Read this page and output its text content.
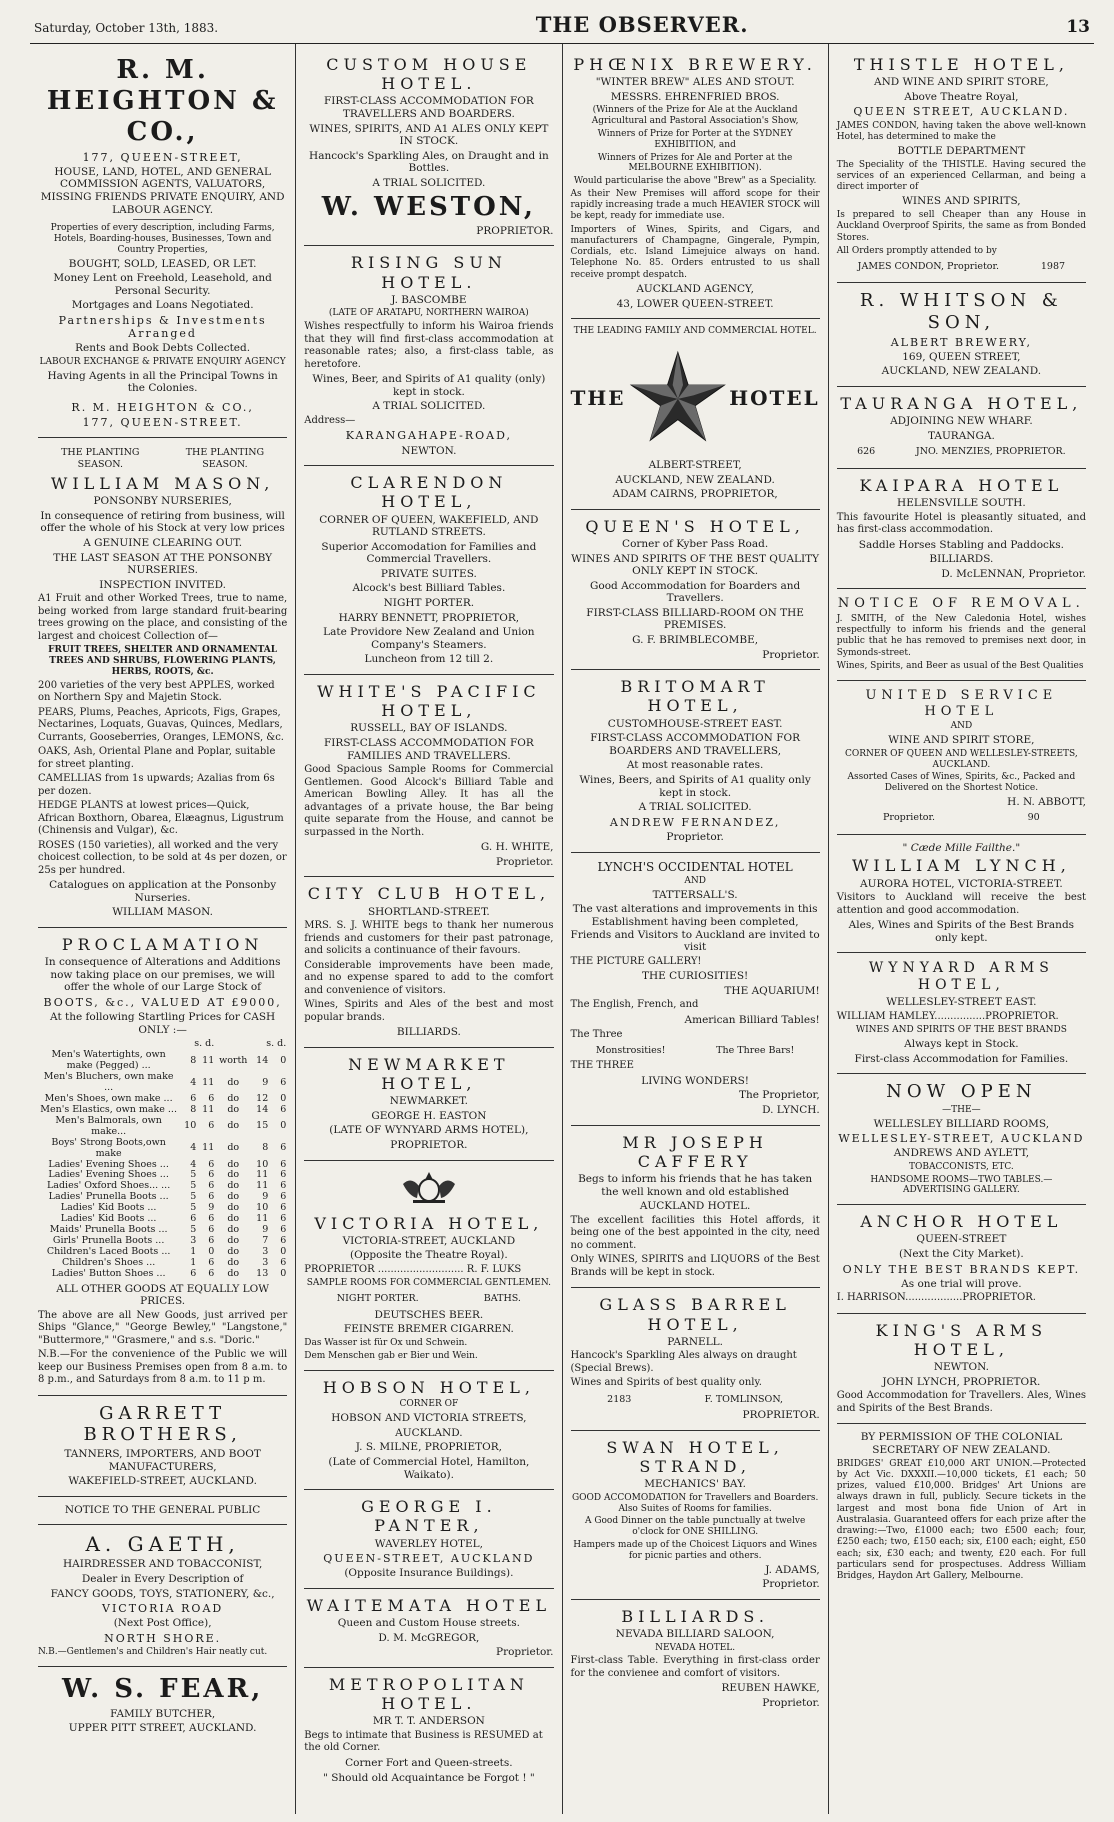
Saturday, October 13th, 1883.	THE OBSERVER.	13
R. M. HEIGHTON & CO.,
177, QUEEN-STREET,
HOUSE, LAND, HOTEL, AND GENERAL COMMISSION AGENTS, VALUATORS, MISSING FRIENDS PRIVATE ENQUIRY, AND LABOUR AGENCY.
Properties of every description, including Farms, Hotels, Boarding-houses, Businesses, Town and Country Properties,
BOUGHT, SOLD, LEASED, OR LET.
Money Lent on Freehold, Leasehold, and Personal Security.
Mortgages and Loans Negotiated.
Partnerships & Investments Arranged
Rents and Book Debts Collected.
LABOUR EXCHANGE & PRIVATE ENQUIRY AGENCY
Having Agents in all the Principal Towns in the Colonies.
R. M. HEIGHTON & CO.,
177, QUEEN-STREET.
THE PLANTING SEASON.
THE PLANTING SEASON.
WILLIAM MASON,
PONSONBY NURSERIES,
In consequence of retiring from business, will offer the whole of his Stock at very low prices
A GENUINE CLEARING OUT.
THE LAST SEASON AT THE PONSONBY NURSERIES.
INSPECTION INVITED.
A1 Fruit and other Worked Trees, true to name, being worked from large standard fruit-bearing trees growing on the place, and consisting of the largest and choicest Collection of—
FRUIT TREES, SHELTER AND ORNAMENTAL TREES AND SHRUBS, FLOWERING PLANTS, HERBS, ROOTS, &c.
200 varieties of the very best APPLES, worked on Northern Spy and Majetin Stock.
PEARS, Plums, Peaches, Apricots, Figs, Grapes, Nectarines, Loquats, Guavas, Quinces, Medlars, Currants, Gooseberries, Oranges, LEMONS, &c.
OAKS, Ash, Oriental Plane and Poplar, suitable for street planting.
CAMELLIAS from 1s upwards; Azalias from 6s per dozen.
HEDGE PLANTS at lowest prices—Quick, African Boxthorn, Obarea, Elæagnus, Ligustrum (Chinensis and Vulgar), &c.
ROSES (150 varieties), all worked and the very choicest collection, to be sold at 4s per dozen, or 25s per hundred.
Catalogues on application at the Ponsonby Nurseries.
WILLIAM MASON.
PROCLAMATION
In consequence of Alterations and Additions now taking place on our premises, we will offer the whole of our Large Stock of
BOOTS, &c., VALUED AT £9000,
At the following Startling Prices for CASH ONLY :—
	s. d.			s. d.	
Men's Watertights, own make (Pegged) ...	8	11	worth	14	0
Men's Bluchers, own make ...	4	11	do	9	6
Men's Shoes, own make ...	6	6	do	12	0
Men's Elastics, own make ...	8	11	do	14	6
Men's Balmorals, own make...	10	6	do	15	0
Boys' Strong Boots,own make	4	11	do	8	6
Ladies' Evening Shoes ...	4	6	do	10	6
Ladies' Evening Shoes ...	5	6	do	11	6
Ladies' Oxford Shoes... ...	5	6	do	11	6
Ladies' Prunella Boots ...	5	6	do	9	6
Ladies' Kid Boots ...	5	9	do	10	6
Ladies' Kid Boots ...	6	6	do	11	6
Maids' Prunella Boots ...	5	6	do	9	6
Girls' Prunella Boots ...	3	6	do	7	6
Children's Laced Boots ...	1	0	do	3	0
Children's Shoes ...	1	6	do	3	6
Ladies' Button Shoes ...	6	6	do	13	0
ALL OTHER GOODS AT EQUALLY LOW PRICES.
The above are all New Goods, just arrived per Ships "Glance," "George Bewley," "Langstone," "Buttermore," "Grasmere," and s.s. "Doric."
N.B.—For the convenience of the Public we will keep our Business Premises open from 8 a.m. to 8 p.m., and Saturdays from 8 a.m. to 11 p m.
GARRETT BROTHERS,
TANNERS, IMPORTERS, AND BOOT MANUFACTURERS,
WAKEFIELD-STREET, AUCKLAND.
NOTICE TO THE GENERAL PUBLIC
A. GAETH,
HAIRDRESSER AND TOBACCONIST,
Dealer in Every Description of
FANCY GOODS, TOYS, STATIONERY, &c.,
VICTORIA ROAD
(Next Post Office),
NORTH SHORE.
N.B.—Gentlemen's and Children's Hair neatly cut.
W. S. FEAR,
FAMILY BUTCHER,
UPPER PITT STREET, AUCKLAND.
CUSTOM HOUSE HOTEL.
FIRST-CLASS ACCOMMODATION FOR TRAVELLERS AND BOARDERS.
WINES, SPIRITS, AND A1 ALES ONLY KEPT IN STOCK.
Hancock's Sparkling Ales, on Draught and in Bottles.
A TRIAL SOLICITED.
W. WESTON,
PROPRIETOR.
RISING SUN HOTEL.
J. BASCOMBE
(LATE OF ARATAPU, NORTHERN WAIROA)
Wishes respectfully to inform his Wairoa friends that they will find first-class accommodation at reasonable rates; also, a first-class table, as heretofore.
Wines, Beer, and Spirits of A1 quality (only) kept in stock.
A TRIAL SOLICITED.
Address—
KARANGAHAPE-ROAD,
NEWTON.
CLARENDON HOTEL,
CORNER OF QUEEN, WAKEFIELD, AND RUTLAND STREETS.
Superior Accomodation for Families and Commercial Travellers.
PRIVATE SUITES.
Alcock's best Billiard Tables.
NIGHT PORTER.
HARRY BENNETT, PROPRIETOR,
Late Providore New Zealand and Union Company's Steamers.
Luncheon from 12 till 2.
WHITE'S PACIFIC HOTEL,
RUSSELL, BAY OF ISLANDS.
FIRST-CLASS ACCOMMODATION FOR FAMILIES AND TRAVELLERS.
Good Spacious Sample Rooms for Commercial Gentlemen. Good Alcock's Billiard Table and American Bowling Alley. It has all the advantages of a private house, the Bar being quite separate from the House, and cannot be surpassed in the North.
G. H. WHITE,
Proprietor.
CITY CLUB HOTEL,
SHORTLAND-STREET.
MRS. S. J. WHITE begs to thank her numerous friends and customers for their past patronage, and solicits a continuance of their favours.
Considerable improvements have been made, and no expense spared to add to the comfort and convenience of visitors.
Wines, Spirits and Ales of the best and most popular brands.
BILLIARDS.
NEWMARKET HOTEL,
NEWMARKET.
GEORGE H. EASTON
(LATE OF WYNYARD ARMS HOTEL),
PROPRIETOR.
VICTORIA HOTEL,
VICTORIA-STREET, AUCKLAND
(Opposite the Theatre Royal).
PROPRIETOR ........................... R. F. LUKS
SAMPLE ROOMS FOR COMMERCIAL GENTLEMEN.
NIGHT PORTER.	BATHS.
DEUTSCHES BEER.
FEINSTE BREMER CIGARREN.
Das Wasser ist für Ox und Schwein.
Dem Menschen gab er Bier und Wein.
HOBSON HOTEL,
CORNER OF
HOBSON AND VICTORIA STREETS,
AUCKLAND.
J. S. MILNE, PROPRIETOR,
(Late of Commercial Hotel, Hamilton, Waikato).
GEORGE I. PANTER,
WAVERLEY HOTEL,
QUEEN-STREET, AUCKLAND
(Opposite Insurance Buildings).
WAITEMATA HOTEL
Queen and Custom House streets.
D. M. McGREGOR,
Proprietor.
METROPOLITAN HOTEL.
MR T. T. ANDERSON
Begs to intimate that Business is RESUMED at the old Corner.
Corner Fort and Queen-streets.
" Should old Acquaintance be Forgot ! "
PHŒNIX BREWERY.
"WINTER BREW" ALES AND STOUT.
MESSRS. EHRENFRIED BROS.
(Winners of the Prize for Ale at the Auckland Agricultural and Pastoral Association's Show,
Winners of Prize for Porter at the SYDNEY EXHIBITION, and
Winners of Prizes for Ale and Porter at the MELBOURNE EXHIBITION).
Would particularise the above "Brew" as a Speciality.
As their New Premises will afford scope for their rapidly increasing trade a much HEAVIER STOCK will be kept, ready for immediate use.
Importers of Wines, Spirits, and Cigars, and manufacturers of Champagne, Gingerale, Pympin, Cordials, etc. Island Limejuice always on hand. Telephone No. 85. Orders entrusted to us shall receive prompt despatch.
AUCKLAND AGENCY,
43, LOWER QUEEN-STREET.
THE LEADING FAMILY AND COMMERCIAL HOTEL.
THE	HOTEL
ALBERT-STREET,
AUCKLAND, NEW ZEALAND.
ADAM CAIRNS, PROPRIETOR,
QUEEN'S HOTEL,
Corner of Kyber Pass Road.
WINES AND SPIRITS OF THE BEST QUALITY ONLY KEPT IN STOCK.
Good Accommodation for Boarders and Travellers.
FIRST-CLASS BILLIARD-ROOM ON THE PREMISES.
G. F. BRIMBLECOMBE,
Proprietor.
BRITOMART HOTEL,
CUSTOMHOUSE-STREET EAST.
FIRST-CLASS ACCOMMODATION FOR BOARDERS AND TRAVELLERS,
At most reasonable rates.
Wines, Beers, and Spirits of A1 quality only kept in stock.
A TRIAL SOLICITED.
ANDREW FERNANDEZ,
Proprietor.
LYNCH'S OCCIDENTAL HOTEL
AND
TATTERSALL'S.
The vast alterations and improvements in this Establishment having been completed, Friends and Visitors to Auckland are invited to visit
THE PICTURE GALLERY!
THE CURIOSITIES!
THE AQUARIUM!
The English, French, and
American Billiard Tables!
The Three
Monstrosities!	The Three Bars!
THE THREE
LIVING WONDERS!
The Proprietor,
D. LYNCH.
MR JOSEPH CAFFERY
Begs to inform his friends that he has taken the well known and old established
AUCKLAND HOTEL.
The excellent facilities this Hotel affords, it being one of the best appointed in the city, need no comment.
Only WINES, SPIRITS and LIQUORS of the Best Brands will be kept in stock.
GLASS BARREL HOTEL,
PARNELL.
Hancock's Sparkling Ales always on draught (Special Brews).
Wines and Spirits of best quality only.
2183	F. TOMLINSON,
PROPRIETOR.
SWAN HOTEL, STRAND,
MECHANICS' BAY.
GOOD ACCOMODATION for Travellers and Boarders. Also Suites of Rooms for families.
A Good Dinner on the table punctually at twelve o'clock for ONE SHILLING.
Hampers made up of the Choicest Liquors and Wines for picnic parties and others.
J. ADAMS,
Proprietor.
BILLIARDS.
NEVADA BILLIARD SALOON,
NEVADA HOTEL.
First-class Table. Everything in first-class order for the convienee and comfort of visitors.
REUBEN HAWKE,
Proprietor.
THISTLE HOTEL,
AND WINE AND SPIRIT STORE,
Above Theatre Royal,
QUEEN STREET, AUCKLAND.
JAMES CONDON, having taken the above well-known Hotel, has determined to make the
BOTTLE DEPARTMENT
The Speciality of the THISTLE. Having secured the services of an experienced Cellarman, and being a direct importer of
WINES AND SPIRITS,
Is prepared to sell Cheaper than any House in Auckland Overproof Spirits, the same as from Bonded Stores.
All Orders promptly attended to by
JAMES CONDON, Proprietor.	1987
R. WHITSON & SON,
ALBERT BREWERY,
169, QUEEN STREET,
AUCKLAND, NEW ZEALAND.
TAURANGA HOTEL,
ADJOINING NEW WHARF.
TAURANGA.
626	JNO. MENZIES, PROPRIETOR.
KAIPARA HOTEL
HELENSVILLE SOUTH.
This favourite Hotel is pleasantly situated, and has first-class accommodation.
Saddle Horses Stabling and Paddocks.
BILLIARDS.
D. McLENNAN, Proprietor.
NOTICE OF REMOVAL.
J. SMITH, of the New Caledonia Hotel, wishes respectfully to inform his friends and the general public that he has removed to premises next door, in Symonds-street.
Wines, Spirits, and Beer as usual of the Best Qualities
UNITED SERVICE HOTEL
AND
WINE AND SPIRIT STORE,
CORNER OF QUEEN AND WELLESLEY-STREETS, AUCKLAND.
Assorted Cases of Wines, Spirits, &c., Packed and Delivered on the Shortest Notice.
H. N. ABBOTT,
Proprietor.	90
" Cæde Mille Failthe."
WILLIAM LYNCH,
AURORA HOTEL, VICTORIA-STREET.
Visitors to Auckland will receive the best attention and good accommodation.
Ales, Wines and Spirits of the Best Brands only kept.
WYNYARD ARMS HOTEL,
WELLESLEY-STREET EAST.
WILLIAM HAMLEY................PROPRIETOR.
WINES AND SPIRITS OF THE BEST BRANDS
Always kept in Stock.
First-class Accommodation for Families.
NOW OPEN
—THE—
WELLESLEY BILLIARD ROOMS,
WELLESLEY-STREET, AUCKLAND
ANDREWS AND AYLETT,
TOBACCONISTS, ETC.
HANDSOME ROOMS—TWO TABLES.—ADVERTISING GALLERY.
ANCHOR HOTEL
QUEEN-STREET
(Next the City Market).
ONLY THE BEST BRANDS KEPT.
As one trial will prove.
I. HARRISON..................PROPRIETOR.
KING'S ARMS HOTEL,
NEWTON.
JOHN LYNCH, PROPRIETOR.
Good Accommodation for Travellers. Ales, Wines and Spirits of the Best Brands.
BY PERMISSION OF THE COLONIAL SECRETARY OF NEW ZEALAND.
BRIDGES' GREAT £10,000 ART UNION.—Protected by Act Vic. DXXXII.—10,000 tickets, £1 each; 50 prizes, valued £10,000. Bridges' Art Unions are always drawn in full, publicly. Secure tickets in the largest and most bona fide Union of Art in Australasia. Guaranteed offers for each prize after the drawing:—Two, £1000 each; two £500 each; four, £250 each; two, £150 each; six, £100 each; eight, £50 each; six, £30 each; and twenty, £20 each. For full particulars send for prospectuses. Address William Bridges, Haydon Art Gallery, Melbourne.
